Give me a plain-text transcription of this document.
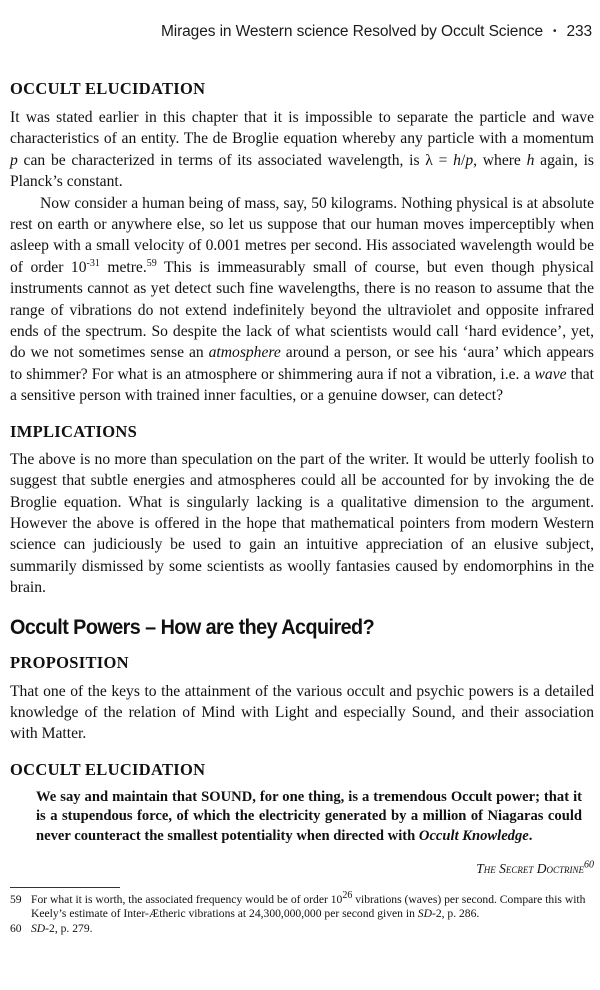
Mirages in Western science Resolved by Occult Science • 233
OCCULT ELUCIDATION

It was stated earlier in this chapter that it is impossible to separate the particle and wave characteristics of an entity. The de Broglie equation whereby any particle with a momentum p can be characterized in terms of its associated wavelength, is λ = h/p, where h again, is Planck’s constant.

Now consider a human being of mass, say, 50 kilograms. Nothing physical is at absolute rest on earth or anywhere else, so let us suppose that our human moves imperceptibly when asleep with a small velocity of 0.001 metres per second. His associated wavelength would be of order $10^{-31}$ metre.$^{59}$ This is immeasurably small of course, but even though physical instruments cannot as yet detect such fine wavelengths, there is no reason to assume that the range of vibrations do not extend indefinitely beyond the ultraviolet and opposite infrared ends of the spectrum. So despite the lack of what scientists would call ‘hard evidence’, yet, do we not sometimes sense an atmosphere around a person, or see his ‘aura’ which appears to shimmer? For what is an atmosphere or shimmering aura if not a vibration, i.e. a wave that a sensitive person with trained inner faculties, or a genuine dowser, can detect?

IMPLICATIONS

The above is no more than speculation on the part of the writer. It would be utterly foolish to suggest that subtle energies and atmospheres could all be accounted for by invoking the de Broglie equation. What is singularly lacking is a qualitative dimension to the argument. However the above is offered in the hope that mathematical pointers from modern Western science can judiciously be used to gain an intuitive appreciation of an elusive subject, summarily dismissed by some scientists as woolly fantasies caused by endomorphins in the brain.

Occult Powers – How are they Acquired?
PROPOSITION

That one of the keys to the attainment of the various occult and psychic powers is a detailed knowledge of the relation of Mind with Light and especially Sound, and their association with Matter.

OCCULT ELUCIDATION

We say and maintain that SOUND, for one thing, is a tremendous Occult power; that it is a stupendous force, of which the electricity generated by a million of Niagaras could never counteract the smallest potentiality when directed with Occult Knowledge.

The Secret Doctrine$^{60}$
59 For what it is worth, the associated frequency would be of order $10^{26}$ vibrations (waves) per second. Compare this with Keely’s estimate of Inter-Ætheric vibrations at 24,300,000,000 per second given in SD-2, p. 286.
60 SD-2, p. 279.
